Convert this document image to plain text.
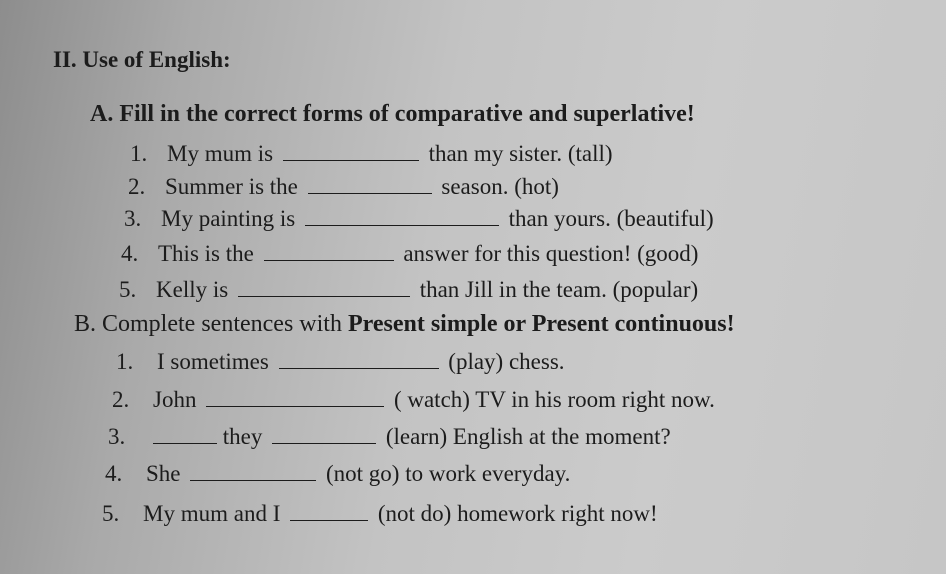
II. Use of English:
A. Fill in the correct forms of comparative and superlative!
1. My mum is	than my sister. (tall)
2. Summer is the	season. (hot)
3. My painting is	than yours. (beautiful)
4. This is the	answer for this question! (good)
5. Kelly is	than Jill in the team. (popular)
B. Complete sentences with Present simple or Present continuous!
1. I sometimes	(play) chess.
2. John	( watch) TV in his room right now.
3.	they	(learn) English at the moment?
4. She	(not go) to work everyday.
5. My mum and I	(not do) homework right now!
